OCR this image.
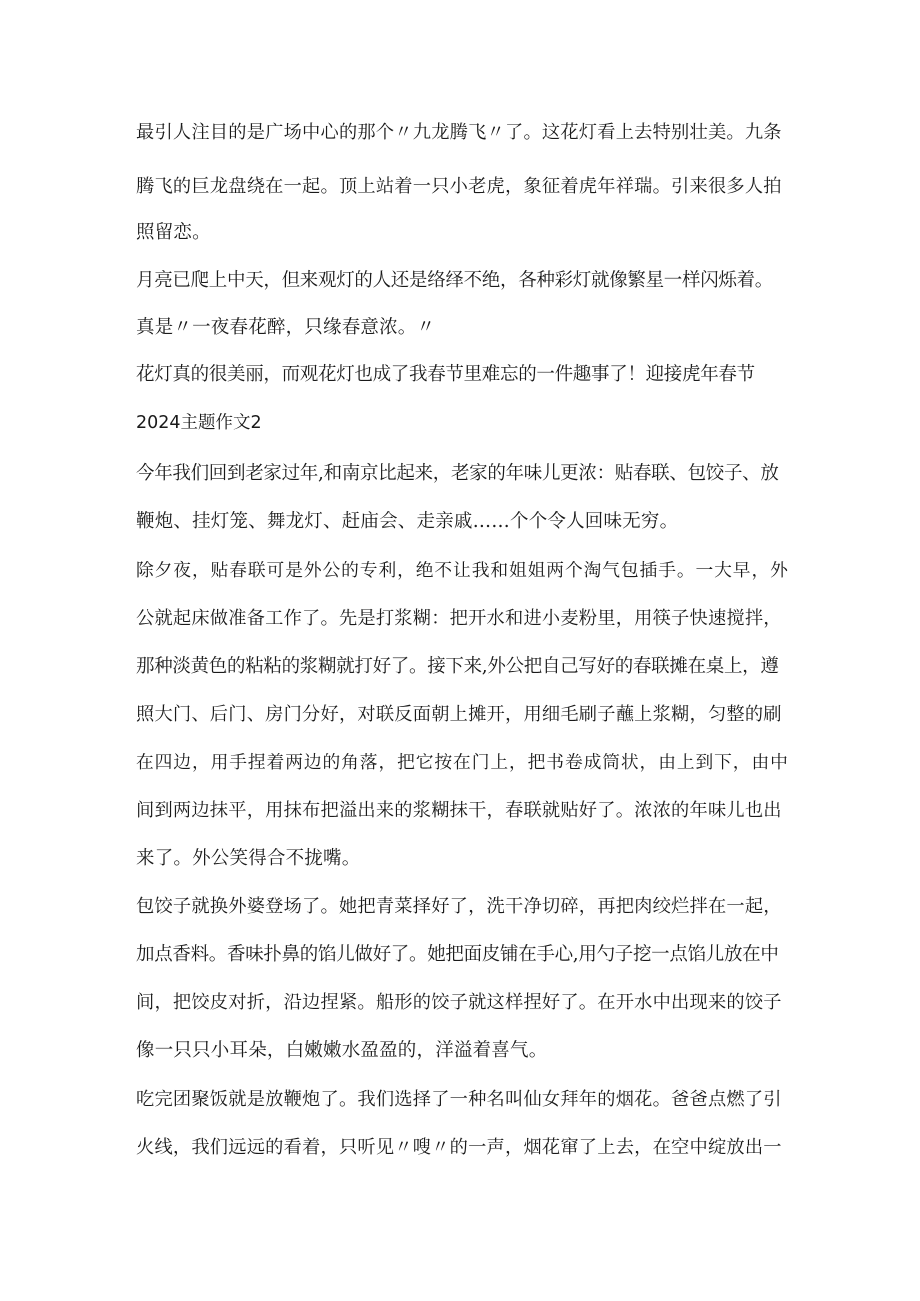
最引人注目的是广场中心的那个〃九龙腾飞〃了。这花灯看上去特别壮美。九条
腾飞的巨龙盘绕在一起。顶上站着一只小老虎，象征着虎年祥瑞。引来很多人拍
照留恋。
月亮已爬上中天，但来观灯的人还是络绎不绝，各种彩灯就像繁星一样闪烁着。
真是〃一夜春花醉，只缘春意浓。〃
花灯真的很美丽，而观花灯也成了我春节里难忘的一件趣事了！迎接虎年春节
2024主题作文2
今年我们回到老家过年,和南京比起来，老家的年味儿更浓：贴春联、包饺子、放
鞭炮、挂灯笼、舞龙灯、赶庙会、走亲戚……个个令人回味无穷。
除夕夜，贴春联可是外公的专利，绝不让我和姐姐两个淘气包插手。一大早，外
公就起床做准备工作了。先是打浆糊：把开水和进小麦粉里，用筷子快速搅拌，
那种淡黄色的粘粘的浆糊就打好了。接下来,外公把自己写好的春联摊在桌上，遵
照大门、后门、房门分好，对联反面朝上摊开，用细毛刷子蘸上浆糊，匀整的刷
在四边，用手捏着两边的角落，把它按在门上，把书卷成筒状，由上到下，由中
间到两边抹平，用抹布把溢出来的浆糊抹干，春联就贴好了。浓浓的年味儿也出
来了。外公笑得合不拢嘴。
包饺子就换外婆登场了。她把青菜择好了，洗干净切碎，再把肉绞烂拌在一起，
加点香料。香味扑鼻的馅儿做好了。她把面皮铺在手心,用勺子挖一点馅儿放在中
间，把饺皮对折，沿边捏紧。船形的饺子就这样捏好了。在开水中出现来的饺子
像一只只小耳朵，白嫩嫩水盈盈的，洋溢着喜气。
吃完团聚饭就是放鞭炮了。我们选择了一种名叫仙女拜年的烟花。爸爸点燃了引
火线，我们远远的看着，只听见〃嗖〃的一声，烟花窜了上去，在空中绽放出一
